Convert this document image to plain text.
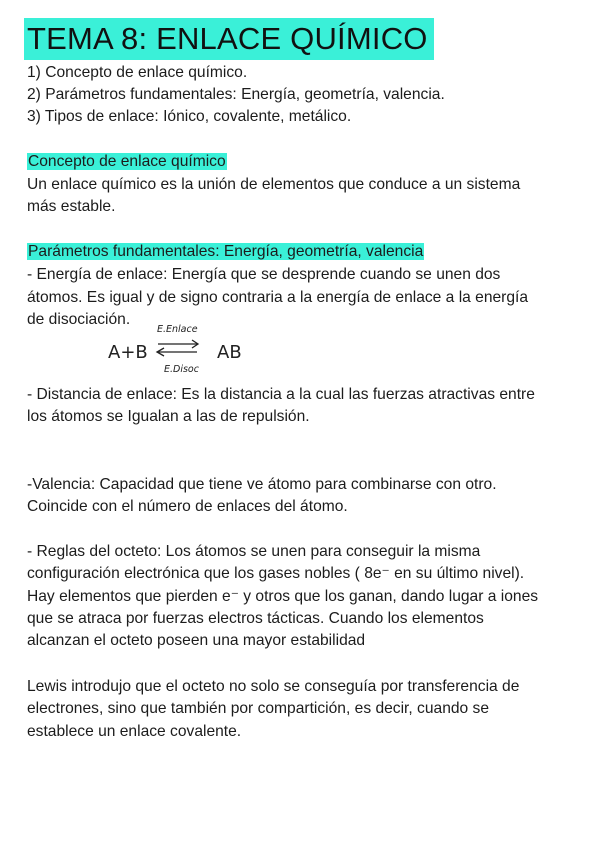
TEMA 8: ENLACE QUÍMICO
1) Concepto de enlace químico.
2) Parámetros fundamentales: Energía, geometría, valencia.
3) Tipos de enlace: Iónico, covalente, metálico.
Concepto de enlace químico
Un enlace químico es la unión de elementos que conduce a un sistema
más estable.
Parámetros fundamentales: Energía, geometría, valencia
- Energía de enlace: Energía que se desprende cuando se unen dos
átomos. Es igual y de signo contraria a la energía de enlace a la energía
de disociación.
A+B
E.Enlace
E.Disoc
AB
- Distancia de enlace: Es la distancia a la cual las fuerzas atractivas entre
los átomos se Igualan a las de repulsión.
-Valencia: Capacidad que tiene ve átomo para combinarse con otro.
Coincide con el número de enlaces del átomo.
- Reglas del octeto: Los átomos se unen para conseguir la misma
configuración electrónica que los gases nobles ( 8e⁻ en su último nivel).
Hay elementos que pierden e⁻ y otros que los ganan, dando lugar a iones
que se atraca por fuerzas electros tácticas. Cuando los elementos
alcanzan el octeto poseen una mayor estabilidad
Lewis introdujo que el octeto no solo se conseguía por transferencia de
electrones, sino que también por compartición, es decir, cuando se
establece un enlace covalente.
